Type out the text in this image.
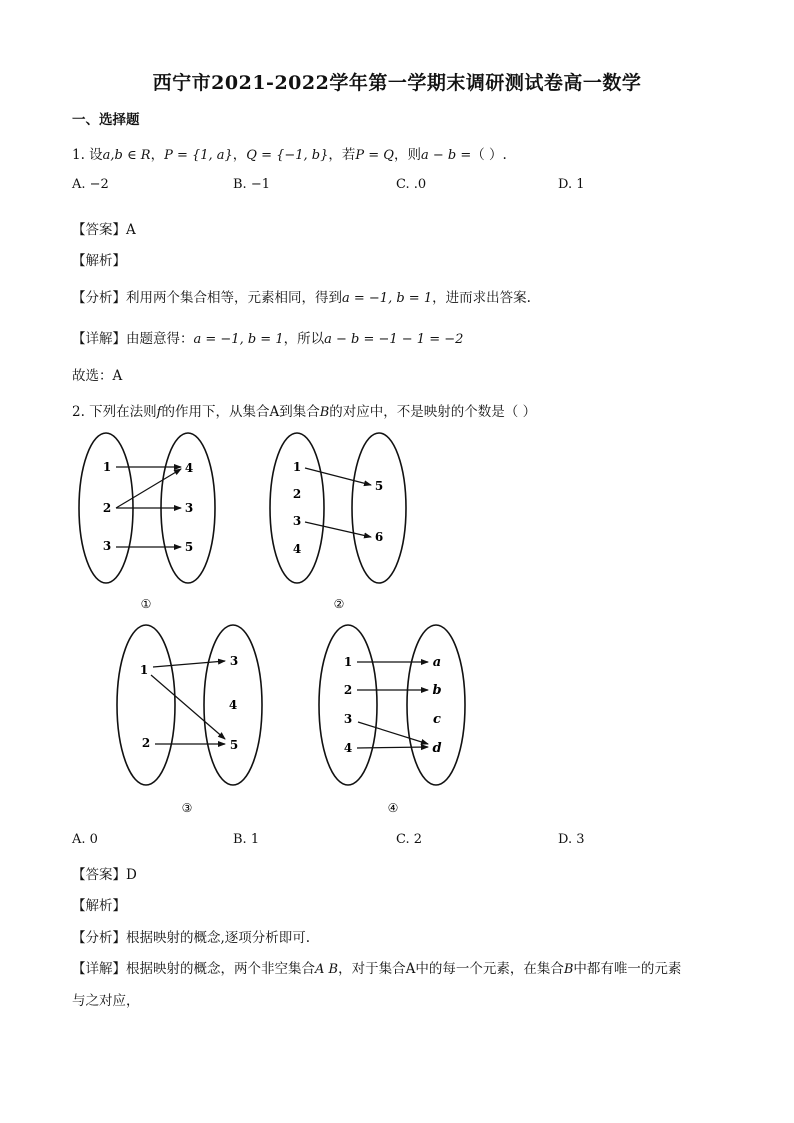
西宁市2021-2022学年第一学期末调研测试卷高一数学
一、选择题
1. 设a,b ∈ R，P = {1, a}，Q = {−1, b}，若P = Q，则a − b =（ ）.
A. −2	B. −1	C. .0	D. 1
【答案】A
【解析】
【分析】利用两个集合相等，元素相同，得到a = −1, b = 1，进而求出答案.
【详解】由题意得：a = −1, b = 1，所以a − b = −1 − 1 = −2
故选：A
2. 下列在法则f的作用下，从集合A到集合B的对应中，不是映射的个数是（ ）
1
2
3
4
3
5
①
1
2
3
4
5
6
②
1
2
3
4
5
③
1
2
3
4
a
b
c
d
④
A. 0	B. 1	C. 2	D. 3
【答案】D
【解析】
【分析】根据映射的概念,逐项分析即可.
【详解】根据映射的概念，两个非空集合A B，对于集合A中的每一个元素，在集合B中都有唯一的元素
与之对应，
